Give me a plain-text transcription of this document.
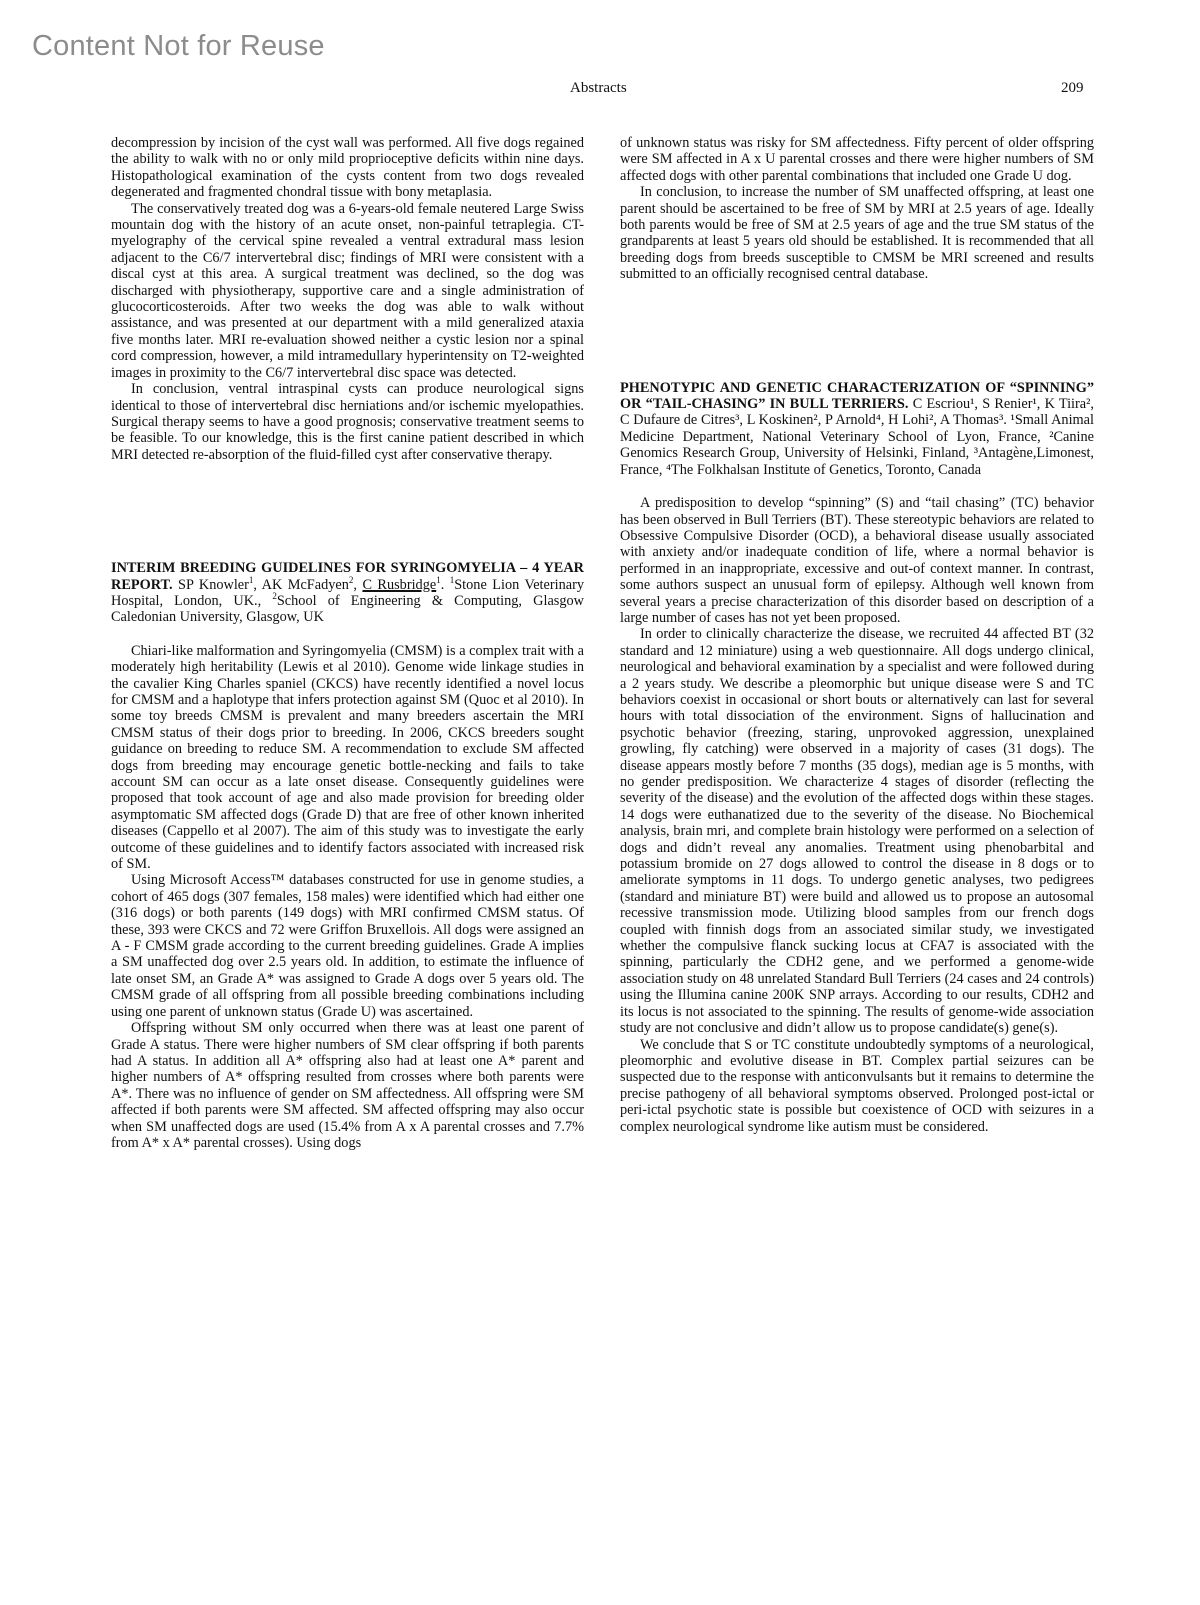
Content Not for Reuse
Abstracts	209

decompression by incision of the cyst wall was performed. All five dogs regained the ability to walk with no or only mild proprioceptive deficits within nine days. Histopathological examination of the cysts content from two dogs revealed degenerated and fragmented chondral tissue with bony metaplasia.

The conservatively treated dog was a 6-years-old female neutered Large Swiss mountain dog with the history of an acute onset, non-painful tetraplegia. CT-myelography of the cervical spine revealed a ventral extradural mass lesion adjacent to the C6/7 intervertebral disc; findings of MRI were consistent with a discal cyst at this area. A surgical treatment was declined, so the dog was discharged with physiotherapy, supportive care and a single administration of glucocorticosteroids. After two weeks the dog was able to walk without assistance, and was presented at our department with a mild generalized ataxia five months later. MRI re-evaluation showed neither a cystic lesion nor a spinal cord compression, however, a mild intramedullary hyperintensity on T2-weighted images in proximity to the C6/7 intervertebral disc space was detected.

In conclusion, ventral intraspinal cysts can produce neurological signs identical to those of intervertebral disc herniations and/or ischemic myelopathies. Surgical therapy seems to have a good prognosis; conservative treatment seems to be feasible. To our knowledge, this is the first canine patient described in which MRI detected re-absorption of the fluid-filled cyst after conservative therapy.

INTERIM BREEDING GUIDELINES FOR SYRINGOMYELIA – 4 YEAR REPORT. SP Knowler$^1$, AK McFadyen$^2$, C Rusbridge$^1$. $^1$Stone Lion Veterinary Hospital, London, UK., $^2$School of Engineering & Computing, Glasgow Caledonian University, Glasgow, UK

Chiari-like malformation and Syringomyelia (CMSM) is a complex trait with a moderately high heritability (Lewis et al 2010). Genome wide linkage studies in the cavalier King Charles spaniel (CKCS) have recently identified a novel locus for CMSM and a haplotype that infers protection against SM (Quoc et al 2010). In some toy breeds CMSM is prevalent and many breeders ascertain the MRI CMSM status of their dogs prior to breeding. In 2006, CKCS breeders sought guidance on breeding to reduce SM. A recommendation to exclude SM affected dogs from breeding may encourage genetic bottle-necking and fails to take account SM can occur as a late onset disease. Consequently guidelines were proposed that took account of age and also made provision for breeding older asymptomatic SM affected dogs (Grade D) that are free of other known inherited diseases (Cappello et al 2007). The aim of this study was to investigate the early outcome of these guidelines and to identify factors associated with increased risk of SM.

Using Microsoft Access™ databases constructed for use in genome studies, a cohort of 465 dogs (307 females, 158 males) were identified which had either one (316 dogs) or both parents (149 dogs) with MRI confirmed CMSM status. Of these, 393 were CKCS and 72 were Griffon Bruxellois. All dogs were assigned an A - F CMSM grade according to the current breeding guidelines. Grade A implies a SM unaffected dog over 2.5 years old. In addition, to estimate the influence of late onset SM, an Grade A* was assigned to Grade A dogs over 5 years old. The CMSM grade of all offspring from all possible breeding combinations including using one parent of unknown status (Grade U) was ascertained.

Offspring without SM only occurred when there was at least one parent of Grade A status. There were higher numbers of SM clear offspring if both parents had A status. In addition all A* offspring also had at least one A* parent and higher numbers of A* offspring resulted from crosses where both parents were A*. There was no influence of gender on SM affectedness. All offspring were SM affected if both parents were SM affected. SM affected offspring may also occur when SM unaffected dogs are used (15.4% from A x A parental crosses and 7.7% from A* x A* parental crosses). Using dogs

of unknown status was risky for SM affectedness. Fifty percent of older offspring were SM affected in A x U parental crosses and there were higher numbers of SM affected dogs with other parental combinations that included one Grade U dog.

In conclusion, to increase the number of SM unaffected offspring, at least one parent should be ascertained to be free of SM by MRI at 2.5 years of age. Ideally both parents would be free of SM at 2.5 years of age and the true SM status of the grandparents at least 5 years old should be established. It is recommended that all breeding dogs from breeds susceptible to CMSM be MRI screened and results submitted to an officially recognised central database.

PHENOTYPIC AND GENETIC CHARACTERIZATION OF “SPINNING” OR “TAIL-CHASING” IN BULL TERRIERS. C Escriou¹, S Renier¹, K Tiira², C Dufaure de Citres³, L Koskinen², P Arnold⁴, H Lohi², A Thomas³. ¹Small Animal Medicine Department, National Veterinary School of Lyon, France, ²Canine Genomics Research Group, University of Helsinki, Finland, ³Antagène,Limonest, France, ⁴The Folkhalsan Institute of Genetics, Toronto, Canada

A predisposition to develop “spinning” (S) and “tail chasing” (TC) behavior has been observed in Bull Terriers (BT). These stereotypic behaviors are related to Obsessive Compulsive Disorder (OCD), a behavioral disease usually associated with anxiety and/or inadequate condition of life, where a normal behavior is performed in an inappropriate, excessive and out-of context manner. In contrast, some authors suspect an unusual form of epilepsy. Although well known from several years a precise characterization of this disorder based on description of a large number of cases has not yet been proposed.

In order to clinically characterize the disease, we recruited 44 affected BT (32 standard and 12 miniature) using a web questionnaire. All dogs undergo clinical, neurological and behavioral examination by a specialist and were followed during a 2 years study. We describe a pleomorphic but unique disease were S and TC behaviors coexist in occasional or short bouts or alternatively can last for several hours with total dissociation of the environment. Signs of hallucination and psychotic behavior (freezing, staring, unprovoked aggression, unexplained growling, fly catching) were observed in a majority of cases (31 dogs). The disease appears mostly before 7 months (35 dogs), median age is 5 months, with no gender predisposition. We characterize 4 stages of disorder (reflecting the severity of the disease) and the evolution of the affected dogs within these stages. 14 dogs were euthanatized due to the severity of the disease. No Biochemical analysis, brain mri, and complete brain histology were performed on a selection of dogs and didn’t reveal any anomalies. Treatment using phenobarbital and potassium bromide on 27 dogs allowed to control the disease in 8 dogs or to ameliorate symptoms in 11 dogs. To undergo genetic analyses, two pedigrees (standard and miniature BT) were build and allowed us to propose an autosomal recessive transmission mode. Utilizing blood samples from our french dogs coupled with finnish dogs from an associated similar study, we investigated whether the compulsive flanck sucking locus at CFA7 is associated with the spinning, particularly the CDH2 gene, and we performed a genome-wide association study on 48 unrelated Standard Bull Terriers (24 cases and 24 controls) using the Illumina canine 200K SNP arrays. According to our results, CDH2 and its locus is not associated to the spinning. The results of genome-wide association study are not conclusive and didn’t allow us to propose candidate(s) gene(s).

We conclude that S or TC constitute undoubtedly symptoms of a neurological, pleomorphic and evolutive disease in BT. Complex partial seizures can be suspected due to the response with anticonvulsants but it remains to determine the precise pathogeny of all behavioral symptoms observed. Prolonged post-ictal or peri-ictal psychotic state is possible but coexistence of OCD with seizures in a complex neurological syndrome like autism must be considered.
